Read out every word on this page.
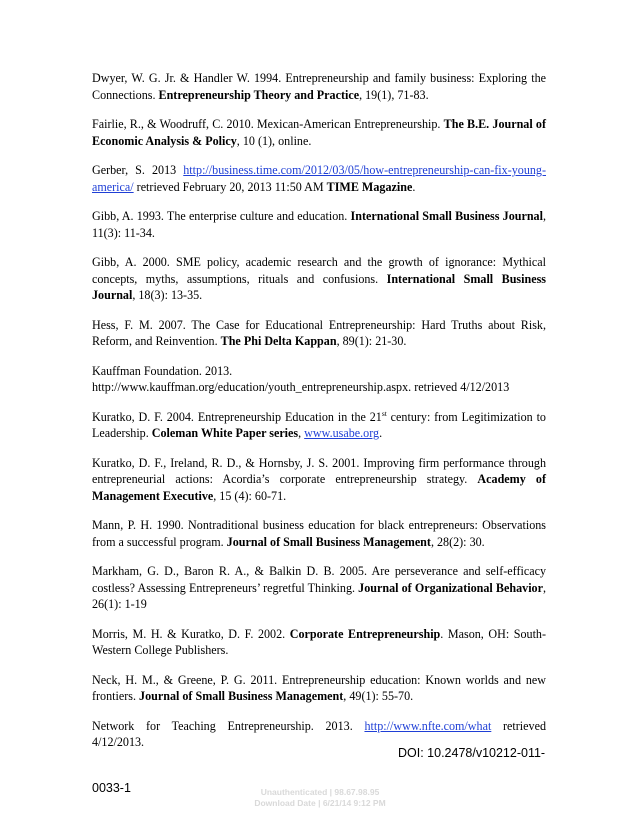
Dwyer, W. G. Jr. & Handler W. 1994. Entrepreneurship and family business: Exploring the Connections. Entrepreneurship Theory and Practice, 19(1), 71-83.

Fairlie, R., & Woodruff, C. 2010. Mexican-American Entrepreneurship. The B.E. Journal of Economic Analysis & Policy, 10 (1), online.

Gerber, S. 2013 http://business.time.com/2012/03/05/how-entrepreneurship-can-fix-young-america/ retrieved February 20, 2013 11:50 AM TIME Magazine.

Gibb, A. 1993. The enterprise culture and education. International Small Business Journal, 11(3): 11-34.

Gibb, A. 2000. SME policy, academic research and the growth of ignorance: Mythical concepts, myths, assumptions, rituals and confusions. International Small Business Journal, 18(3): 13-35.

Hess, F. M. 2007. The Case for Educational Entrepreneurship: Hard Truths about Risk, Reform, and Reinvention. The Phi Delta Kappan, 89(1): 21-30.

Kauffman Foundation. 2013.
http://www.kauffman.org/education/youth_entrepreneurship.aspx. retrieved 4/12/2013

Kuratko, D. F. 2004. Entrepreneurship Education in the 21st century: from Legitimization to Leadership. Coleman White Paper series, www.usabe.org.

Kuratko, D. F., Ireland, R. D., & Hornsby, J. S. 2001. Improving firm performance through entrepreneurial actions: Acordia’s corporate entrepreneurship strategy. Academy of Management Executive, 15 (4): 60-71.

Mann, P. H. 1990. Nontraditional business education for black entrepreneurs: Observations from a successful program. Journal of Small Business Management, 28(2): 30.

Markham, G. D., Baron R. A., & Balkin D. B. 2005. Are perseverance and self-efficacy costless? Assessing Entrepreneurs’ regretful Thinking. Journal of Organizational Behavior, 26(1): 1-19

Morris, M. H. & Kuratko, D. F. 2002. Corporate Entrepreneurship. Mason, OH: South-Western College Publishers.

Neck, H. M., & Greene, P. G. 2011. Entrepreneurship education: Known worlds and new frontiers. Journal of Small Business Management, 49(1): 55-70.

Network for Teaching Entrepreneurship. 2013. http://www.nfte.com/what retrieved 4/12/2013.

DOI: 10.2478/v10212-011-
0033-1	Unauthenticated | 98.67.98.95
Download Date | 6/21/14 9:12 PM
